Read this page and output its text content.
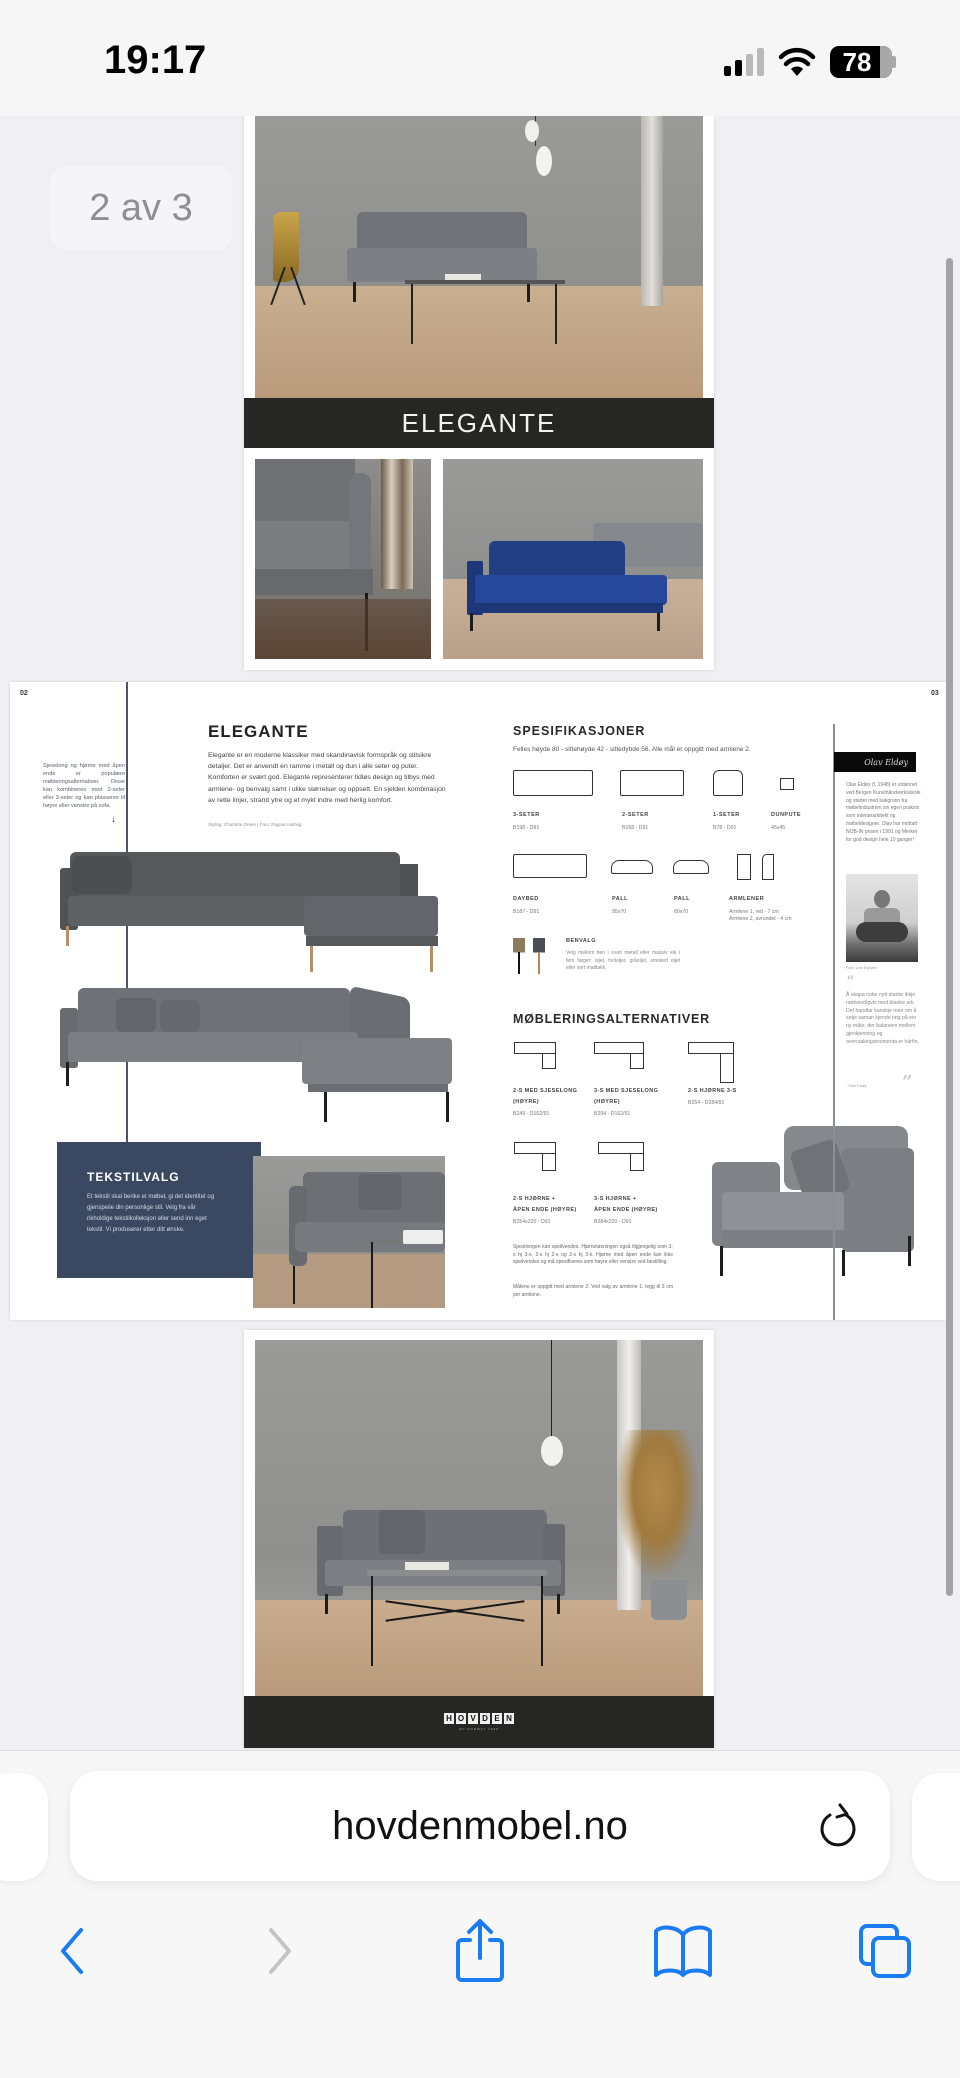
19:17	78
2 av 3
ELEGANTE
02	03
Sjeselong og hjørne med åpen ende er populære møbleringsalternativer. Disse kan kombineres med 2-seter eller 3-seter og kan plasseres til høyre eller venstre på sofa.
↓
ELEGANTE
Elegante er en moderne klassiker med skandinavisk formspråk og stilsikre detaljer. Det er anvendt en ramme i metall og dun i alle seter og puter. Komforten er svært god. Elegante representerer tidløs design og tilbys med armlene- og benvalg samt i ulike størrelser og oppsett. En sjelden kombinasjon av rette linjer, stramt ytre og et mykt indre med herlig komfort.
Styling: Charlotte Green | Foto: Ragnar Hartvig
TEKSTILVALG
Et tekstil skal berike et møbel, gi det identitet og gjenspeile din personlige stil. Velg fra vår rikholdige tekstilkolleksjon eller send inn eget tekstil. Vi produserer etter ditt ønske.
SPESIFIKASJONER
Felles høyde 80 - sittehøyde 42 - sittedybde 56. Alle mål er oppgitt med armlene 2.
3-SETER
B198 - D91
2-SETER
B168 - D91
1-SETER
B78 - D91
DUNPUTE
45x45
DAYBED
B187 - D91
PALL
95x70
PALL
80x70
ARMLENER
Armlene 1, rett - 7 cm
Armlene 2, avrundet - 4 cm
BENVALG
Velg mellom ben i svart metall eller massiv eik i fem farger: oljet, hvitoljet, gråoljet, smoked oljet eller sort mattlakk.
MØBLERINGSALTERNATIVER
2-S MED SJESELONG
(HØYRE)
B249 - D162/91
3-S MED SJESELONG
(HØYRE)
B294 - D162/91
2-S HJØRNE 3-S
B254 - D284/91
2-S HJØRNE +
ÅPEN ENDE (HØYRE)
B254x220 - D91
3-S HJØRNE +
ÅPEN ENDE (HØYRE)
B284x220 - D91
Sjeselongen kan speilvendes. Hjørneløsningen også tilgjengelig som 3-s hj 3-s, 2-s hj 2-s og 2-s hj 3-s. Hjørne med åpen ende kan ikke speilvendes og må spesifiseres som høyre eller venstre ved bestilling.
Målene er oppgitt med armlene 2. Ved valg av armlene 1, legg til 3 cm per armlene.
Olav Eldøy
Olav Eldøy (f. 1948) er utdannet ved Bergen Kunsthåndverksskole og startet med bakgrunn fra møbelindustrien sin egen praksis som interiørarkitekt og møbeldesigner. Olav har mottatt NOB-IN prisen i 1991 og Merket for god design hele 10 ganger!
Foto: Line Eghølle
“
Å skapa noko nytt startar ikkje nødvendigvis med blanke ark. Det handlar kanskje meir om å setje saman kjende ting på ein ny måte, der balansen mellom gjenkjenning og overraskingsmomenta er härfin.
- Olav Eldøy ”
H O V D E N
EN NORWAY 1946
hovdenmobel.no
